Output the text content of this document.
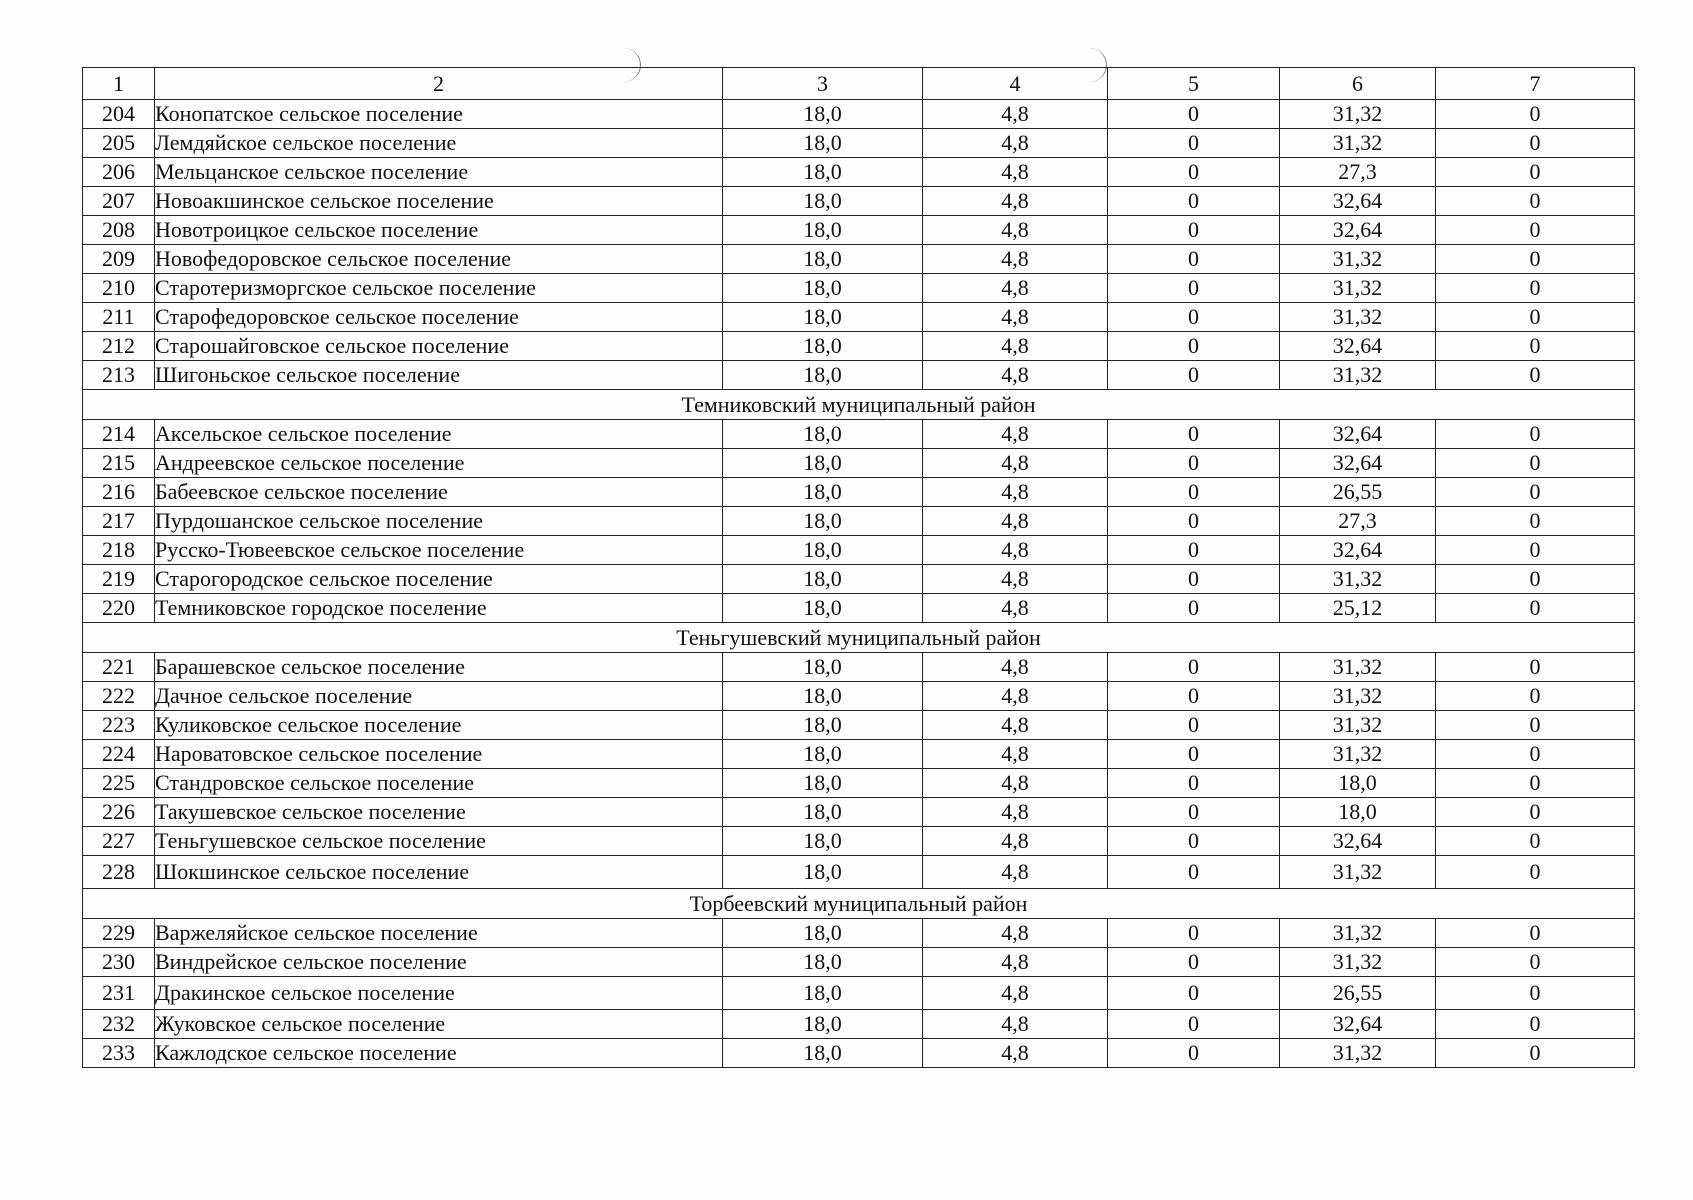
1	2	3	4	5	6	7
204	Конопатское сельское поселение	18,0	4,8	0	31,32	0
205	Лемдяйское сельское поселение	18,0	4,8	0	31,32	0
206	Мельцанское сельское поселение	18,0	4,8	0	27,3	0
207	Новоакшинское сельское поселение	18,0	4,8	0	32,64	0
208	Новотроицкое сельское поселение	18,0	4,8	0	32,64	0
209	Новофедоровское сельское поселение	18,0	4,8	0	31,32	0
210	Старотеризморгское сельское поселение	18,0	4,8	0	31,32	0
211	Старофедоровское сельское поселение	18,0	4,8	0	31,32	0
212	Старошайговское сельское поселение	18,0	4,8	0	32,64	0
213	Шигоньское сельское поселение	18,0	4,8	0	31,32	0
Темниковский муниципальный район						
214	Аксельское сельское поселение	18,0	4,8	0	32,64	0
215	Андреевское сельское поселение	18,0	4,8	0	32,64	0
216	Бабеевское сельское поселение	18,0	4,8	0	26,55	0
217	Пурдошанское сельское поселение	18,0	4,8	0	27,3	0
218	Русско-Тювеевское сельское поселение	18,0	4,8	0	32,64	0
219	Старогородское сельское поселение	18,0	4,8	0	31,32	0
220	Темниковское городское поселение	18,0	4,8	0	25,12	0
Теньгушевский муниципальный район						
221	Барашевское сельское поселение	18,0	4,8	0	31,32	0
222	Дачное сельское поселение	18,0	4,8	0	31,32	0
223	Куликовское сельское поселение	18,0	4,8	0	31,32	0
224	Нароватовское сельское поселение	18,0	4,8	0	31,32	0
225	Стандровское сельское поселение	18,0	4,8	0	18,0	0
226	Такушевское сельское поселение	18,0	4,8	0	18,0	0
227	Теньгушевское сельское поселение	18,0	4,8	0	32,64	0
228	Шокшинское сельское поселение	18,0	4,8	0	31,32	0
Торбеевский муниципальный район						
229	Варжеляйское сельское поселение	18,0	4,8	0	31,32	0
230	Виндрейское сельское поселение	18,0	4,8	0	31,32	0
231	Дракинское сельское поселение	18,0	4,8	0	26,55	0
232	Жуковское сельское поселение	18,0	4,8	0	32,64	0
233	Кажлодское сельское поселение	18,0	4,8	0	31,32	0
